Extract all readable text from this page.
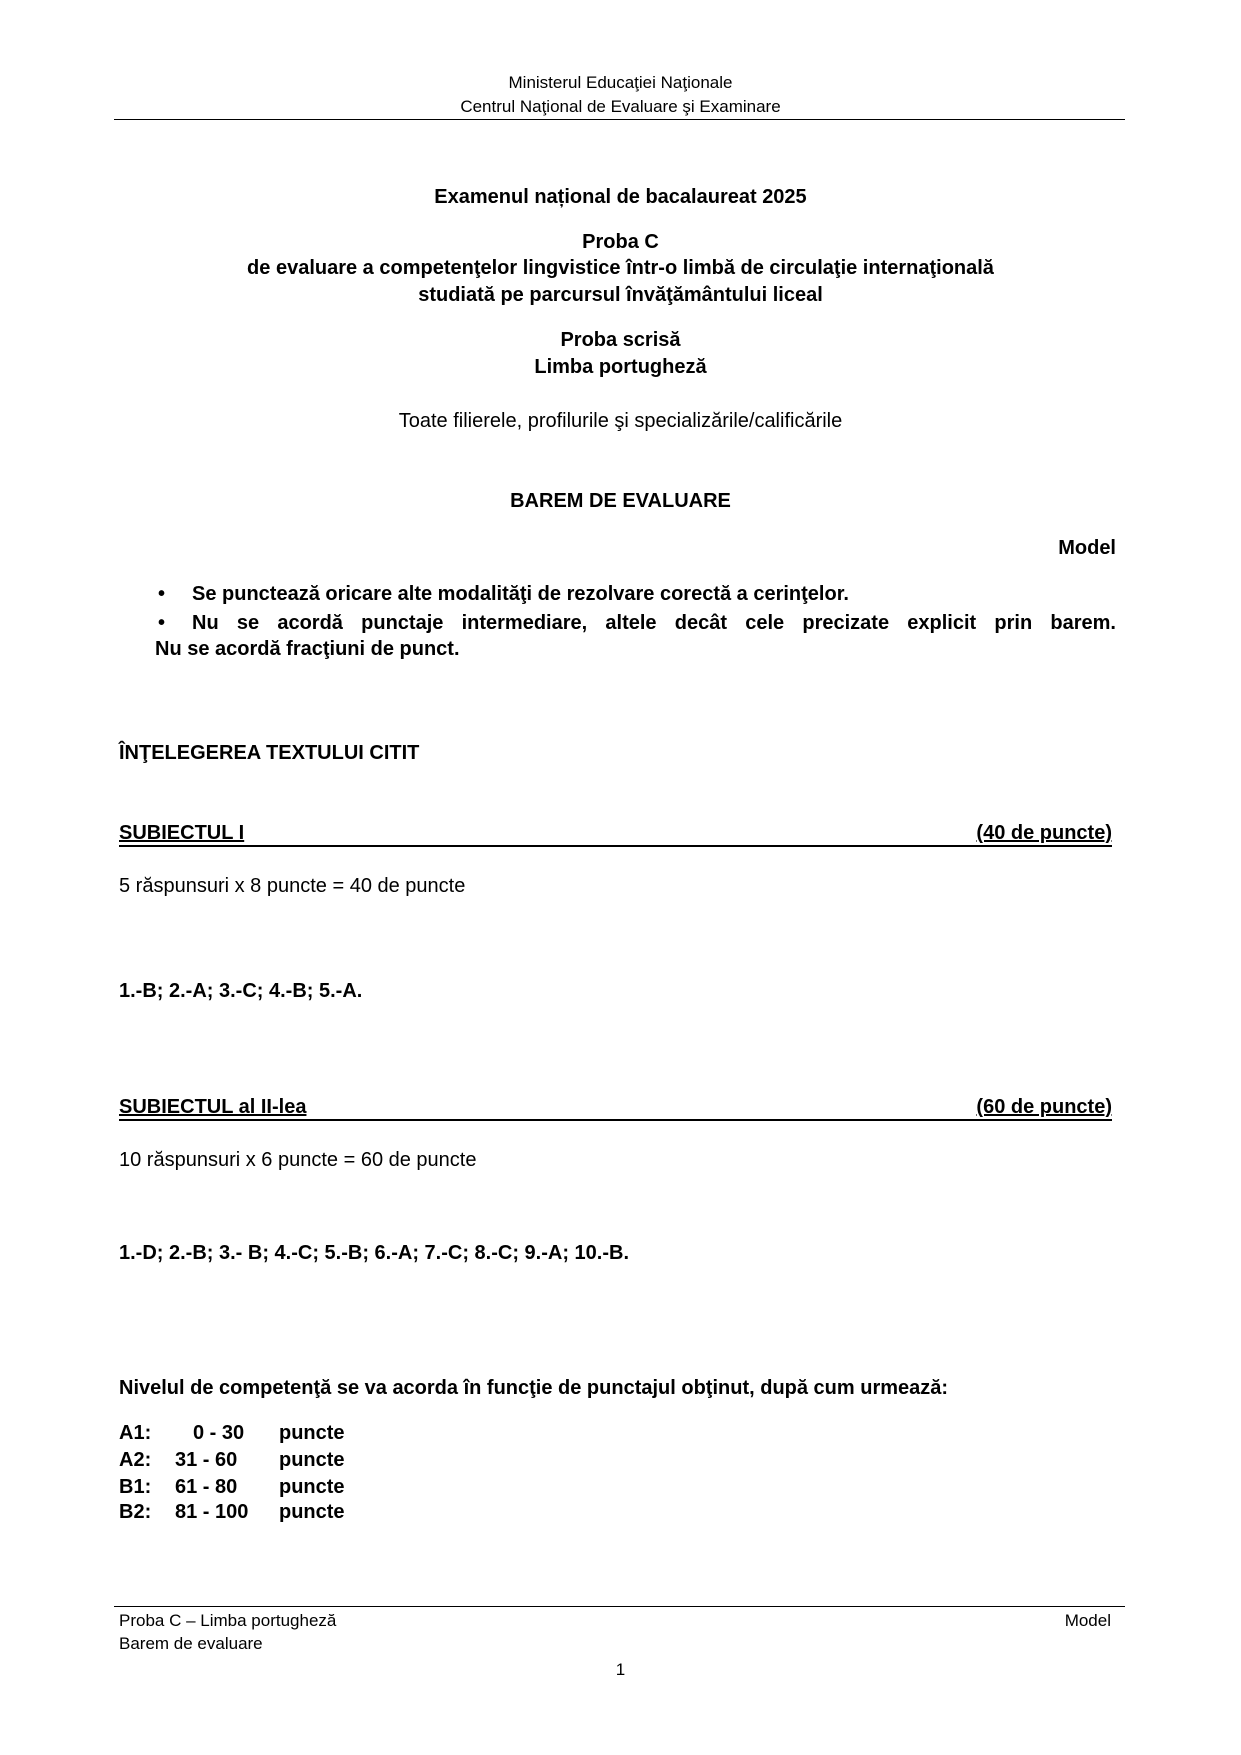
Ministerul Educaţiei Naţionale
Centrul Naţional de Evaluare şi Examinare
Examenul național de bacalaureat 2025
Proba C
de evaluare a competenţelor lingvistice într-o limbă de circulaţie internaţională
studiată pe parcursul învăţământului liceal
Proba scrisă
Limba portugheză
Toate filierele, profilurile şi specializările/calificările
BAREM DE EVALUARE
Model
• Se punctează oricare alte modalităţi de rezolvare corectă a cerinţelor.
• Nu se acordă punctaje intermediare, altele decât cele precizate explicit prin barem.
Nu se acordă fracţiuni de punct.
ÎNŢELEGEREA TEXTULUI CITIT
SUBIECTUL I	(40 de puncte)
5 răspunsuri x 8 puncte = 40 de puncte
1.-B; 2.-A; 3.-C; 4.-B; 5.-A.
SUBIECTUL al II-lea	(60 de puncte)
10 răspunsuri x 6 puncte = 60 de puncte
1.-D; 2.-B; 3.- B; 4.-C; 5.-B; 6.-A; 7.-C; 8.-C; 9.-A; 10.-B.
Nivelul de competenţă se va acorda în funcţie de punctajul obţinut, după cum urmează:
A1:	0 - 30	puncte
A2:	31 - 60	puncte
B1:	61 - 80	puncte
B2:	81 - 100	puncte
Proba C – Limba portugheză
Barem de evaluare
Model
1
